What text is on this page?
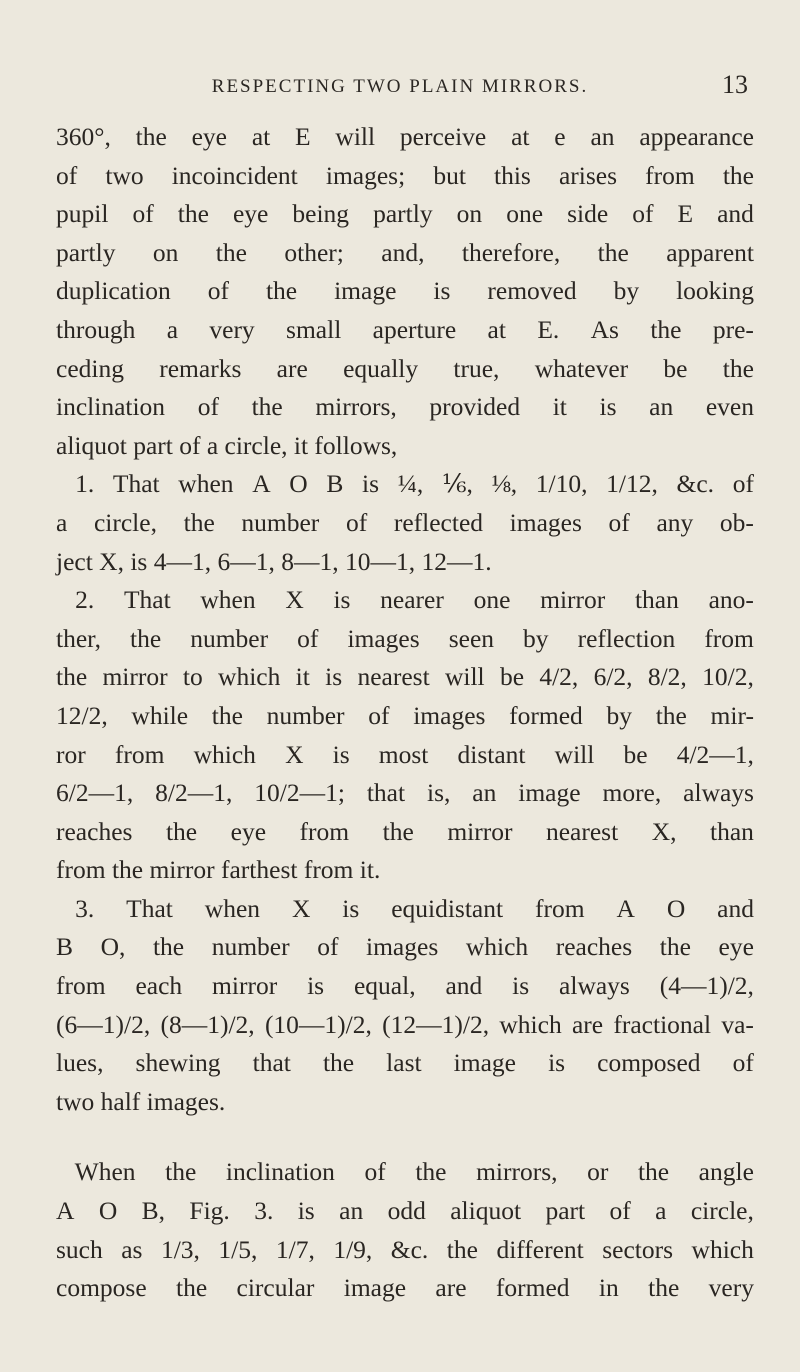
RESPECTING TWO PLAIN MIRRORS.	13
360°, the eye at E will perceive at e an appearance
of two incoincident images; but this arises from the
pupil of the eye being partly on one side of E and
partly on the other; and, therefore, the apparent
duplication of the image is removed by looking
through a very small aperture at E. As the pre-
ceding remarks are equally true, whatever be the
inclination of the mirrors, provided it is an even
aliquot part of a circle, it follows,
1. That when A O B is ¼, ⅙, ⅛, 1/10, 1/12, &c. of
a circle, the number of reflected images of any ob-
ject X, is 4—1, 6—1, 8—1, 10—1, 12—1.
2. That when X is nearer one mirror than ano-
ther, the number of images seen by reflection from
the mirror to which it is nearest will be 4/2, 6/2, 8/2, 10/2,
12/2, while the number of images formed by the mir-
ror from which X is most distant will be 4/2—1,
6/2—1, 8/2—1, 10/2—1; that is, an image more, always
reaches the eye from the mirror nearest X, than
from the mirror farthest from it.
3. That when X is equidistant from A O and
B O, the number of images which reaches the eye
from each mirror is equal, and is always (4—1)/2,
(6—1)/2, (8—1)/2, (10—1)/2, (12—1)/2, which are fractional va-
lues, shewing that the last image is composed of
two half images.
When the inclination of the mirrors, or the angle
A O B, Fig. 3. is an odd aliquot part of a circle,
such as 1/3, 1/5, 1/7, 1/9, &c. the different sectors which
compose the circular image are formed in the very
